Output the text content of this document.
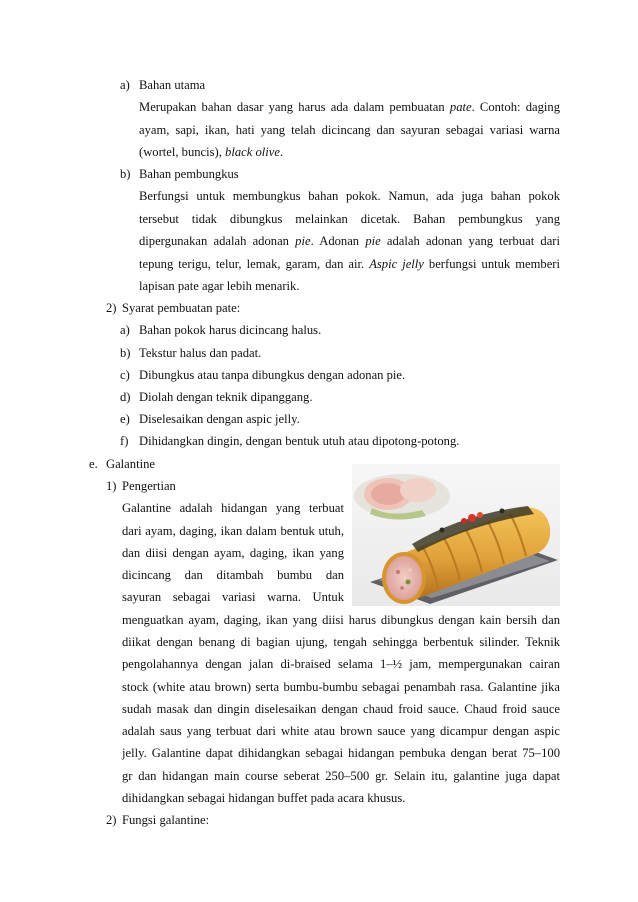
a) Bahan utama
Merupakan bahan dasar yang harus ada dalam pembuatan pate. Contoh: daging
ayam, sapi, ikan, hati yang telah dicincang dan sayuran sebagai variasi warna
(wortel, buncis), black olive.
b) Bahan pembungkus
Berfungsi untuk membungkus bahan pokok. Namun, ada juga bahan pokok
tersebut tidak dibungkus melainkan dicetak. Bahan pembungkus yang
dipergunakan adalah adonan pie. Adonan pie adalah adonan yang terbuat dari
tepung terigu, telur, lemak, garam, dan air. Aspic jelly berfungsi untuk memberi
lapisan pate agar lebih menarik.
2) Syarat pembuatan pate:
a) Bahan pokok harus dicincang halus.
b) Tekstur halus dan padat.
c) Dibungkus atau tanpa dibungkus dengan adonan pie.
d) Diolah dengan teknik dipanggang.
e) Diselesaikan dengan aspic jelly.
f) Dihidangkan dingin, dengan bentuk utuh atau dipotong-potong.
e. Galantine
1) Pengertian
Galantine adalah hidangan yang terbuat
dari ayam, daging, ikan dalam bentuk utuh,
dan diisi dengan ayam, daging, ikan yang
dicincang dan ditambah bumbu dan
sayuran sebagai variasi warna. Untuk
menguatkan ayam, daging, ikan yang diisi harus dibungkus dengan kain bersih dan
diikat dengan benang di bagian ujung, tengah sehingga berbentuk silinder. Teknik
pengolahannya dengan jalan di-braised selama 1–½ jam, mempergunakan cairan
stock (white atau brown) serta bumbu-bumbu sebagai penambah rasa. Galantine jika
sudah masak dan dingin diselesaikan dengan chaud froid sauce. Chaud froid sauce
adalah saus yang terbuat dari white atau brown sauce yang dicampur dengan aspic
jelly. Galantine dapat dihidangkan sebagai hidangan pembuka dengan berat 75–100
gr dan hidangan main course seberat 250–500 gr. Selain itu, galantine juga dapat
dihidangkan sebagai hidangan buffet pada acara khusus.
2) Fungsi galantine:
